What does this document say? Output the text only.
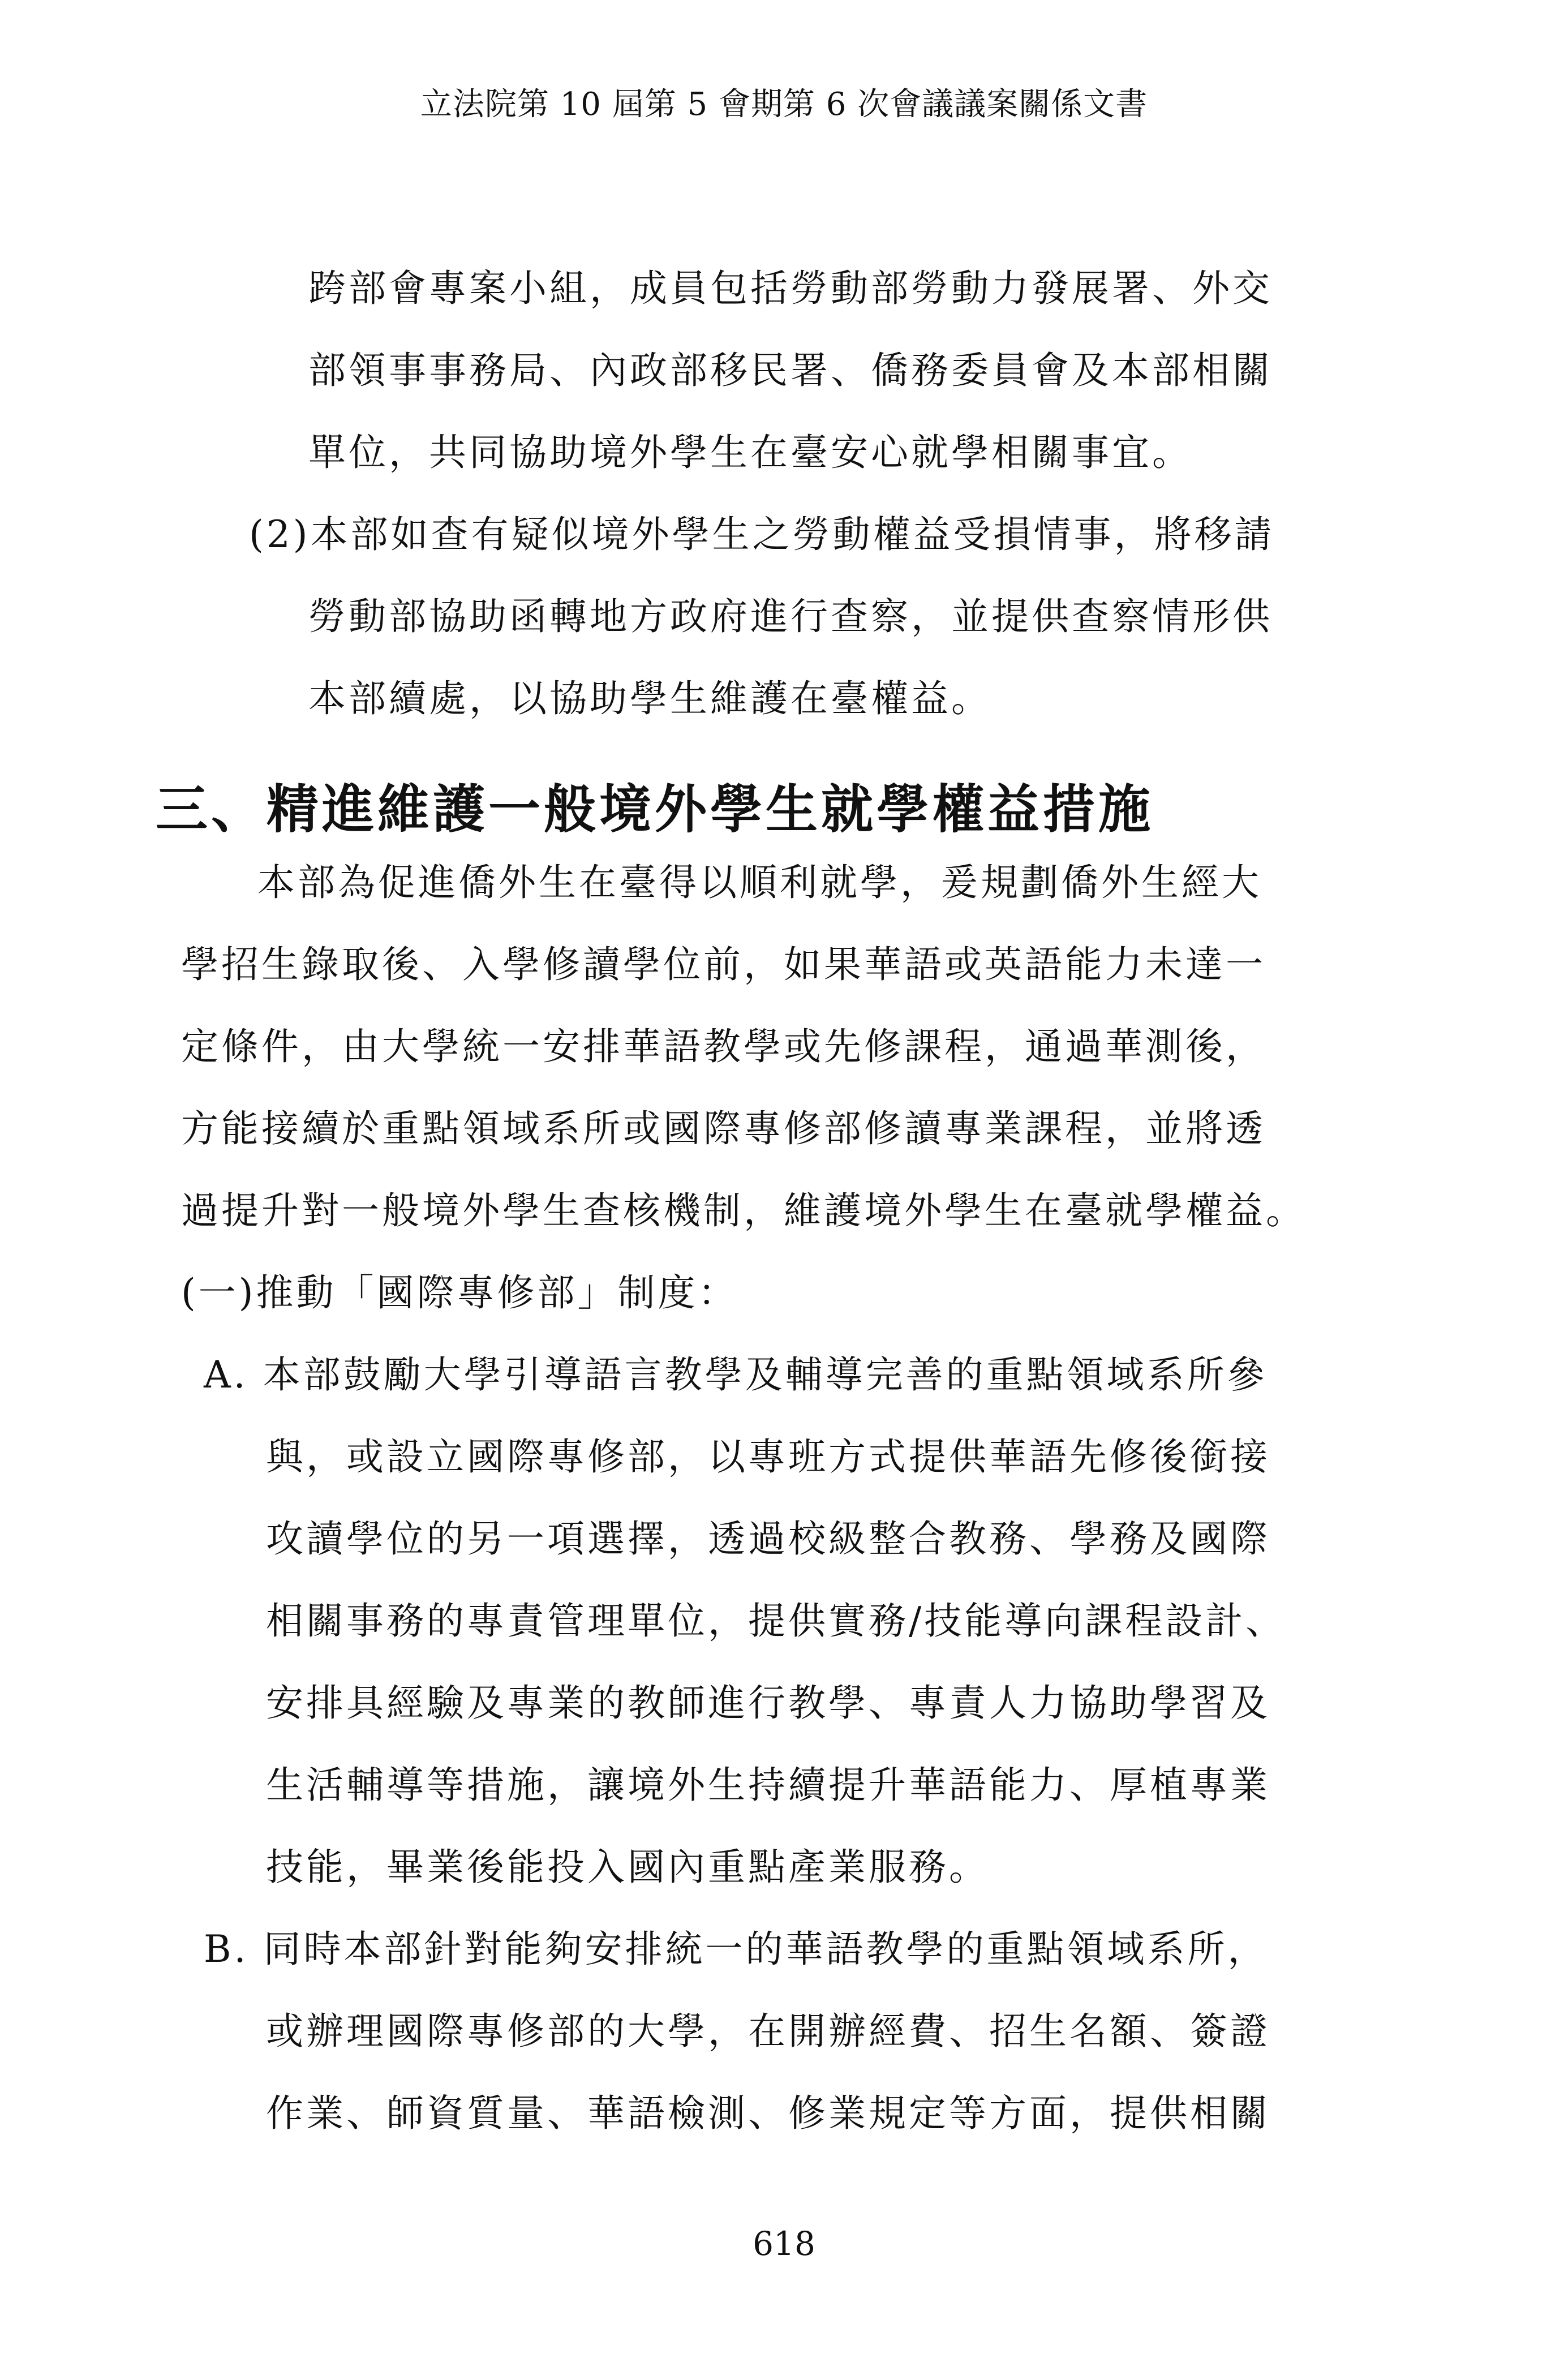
立法院第 10 屆第 5 會期第 6 次會議議案關係文書
跨部會專案小組，成員包括勞動部勞動力發展署、外交
部領事事務局、內政部移民署、僑務委員會及本部相關
單位，共同協助境外學生在臺安心就學相關事宜。
(2)本部如查有疑似境外學生之勞動權益受損情事，將移請
勞動部協助函轉地方政府進行查察，並提供查察情形供
本部續處，以協助學生維護在臺權益。
三、精進維護一般境外學生就學權益措施
本部為促進僑外生在臺得以順利就學，爰規劃僑外生經大
學招生錄取後、入學修讀學位前，如果華語或英語能力未達一
定條件，由大學統一安排華語教學或先修課程，通過華測後，
方能接續於重點領域系所或國際專修部修讀專業課程，並將透
過提升對一般境外學生查核機制，維護境外學生在臺就學權益。
(一)推動「國際專修部」制度：
A. 本部鼓勵大學引導語言教學及輔導完善的重點領域系所參
與，或設立國際專修部，以專班方式提供華語先修後銜接
攻讀學位的另一項選擇，透過校級整合教務、學務及國際
相關事務的專責管理單位，提供實務/技能導向課程設計、
安排具經驗及專業的教師進行教學、專責人力協助學習及
生活輔導等措施，讓境外生持續提升華語能力、厚植專業
技能，畢業後能投入國內重點產業服務。
B. 同時本部針對能夠安排統一的華語教學的重點領域系所，
或辦理國際專修部的大學，在開辦經費、招生名額、簽證
作業、師資質量、華語檢測、修業規定等方面，提供相關
618
